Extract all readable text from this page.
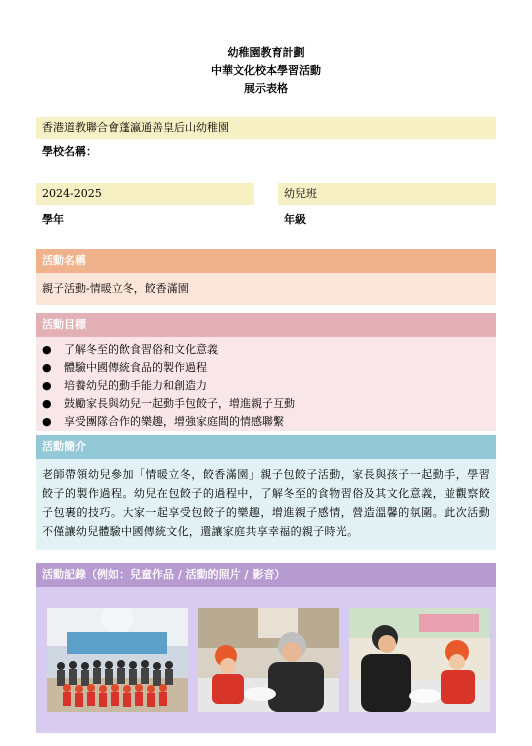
幼稚園教育計劃
中華文化校本學習活動
展示表格
香港道教聯合會蓬瀛通善皇后山幼稚園
學校名稱：
2024-2025
學年
幼兒班
年級
活動名稱
親子活動-情暖立冬，餃香滿園
活動目標
●	了解冬至的飲食習俗和文化意義
●	體驗中國傳統食品的製作過程
●	培養幼兒的動手能力和創造力
●	鼓勵家長與幼兒一起動手包餃子，增進親子互動
●	享受團隊合作的樂趣，增強家庭間的情感聯繫
活動簡介
老師帶領幼兒參加「情暖立冬，餃香滿園」親子包餃子活動，家長與孩子一起動手，學習餃子的製作過程。幼兒在包餃子的過程中，了解冬至的食物習俗及其文化意義，並觀察餃子包裹的技巧。大家一起享受包餃子的樂趣，增進親子感情，營造溫馨的氛圍。此次活動不僅讓幼兒體驗中國傳統文化，還讓家庭共享幸福的親子時光。
活動記錄（例如：兒童作品 / 活動的照片 / 影音）
